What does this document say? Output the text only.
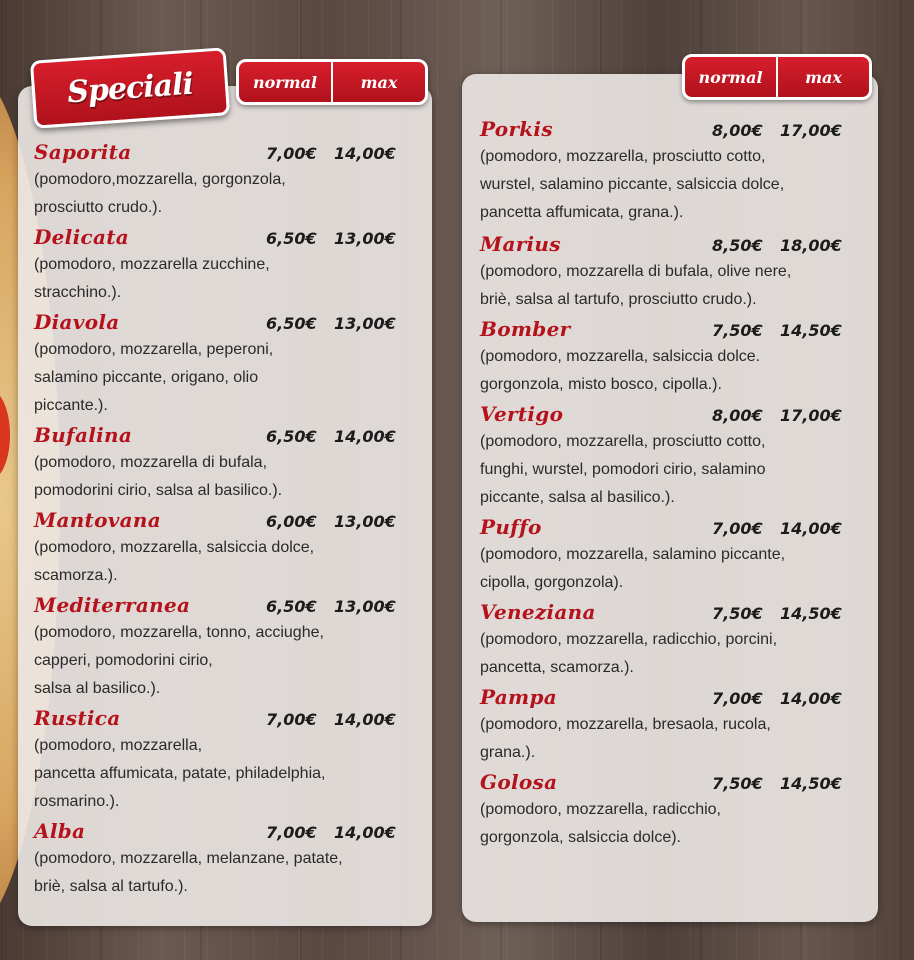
Speciali	normal	max	normal	max
Saporita	7,00€	14,00€
(pomodoro,mozzarella, gorgonzola,
prosciutto crudo.).
Delicata	6,50€	13,00€
(pomodoro, mozzarella zucchine,
stracchino.).
Diavola	6,50€	13,00€
(pomodoro, mozzarella, peperoni,
salamino piccante, origano, olio
piccante.).
Bufalina	6,50€	14,00€
(pomodoro, mozzarella di bufala,
pomodorini cirio, salsa al basilico.).
Mantovana	6,00€	13,00€
(pomodoro, mozzarella, salsiccia dolce,
scamorza.).
Mediterranea	6,50€	13,00€
(pomodoro, mozzarella, tonno, acciughe,
capperi, pomodorini cirio,
salsa al basilico.).
Rustica	7,00€	14,00€
(pomodoro, mozzarella,
pancetta affumicata, patate, philadelphia,
rosmarino.).
Alba	7,00€	14,00€
(pomodoro, mozzarella, melanzane, patate,
briè, salsa al tartufo.).
Porkis	8,00€	17,00€
(pomodoro, mozzarella, prosciutto cotto,
wurstel, salamino piccante, salsiccia dolce,
pancetta affumicata, grana.).
Marius	8,50€	18,00€
(pomodoro, mozzarella di bufala, olive nere,
briè, salsa al tartufo, prosciutto crudo.).
Bomber	7,50€	14,50€
(pomodoro, mozzarella, salsiccia dolce.
gorgonzola, misto bosco, cipolla.).
Vertigo	8,00€	17,00€
(pomodoro, mozzarella, prosciutto cotto,
funghi, wurstel, pomodori cirio, salamino
piccante, salsa al basilico.).
Puffo	7,00€	14,00€
(pomodoro, mozzarella, salamino piccante,
cipolla, gorgonzola).
Veneziana	7,50€	14,50€
(pomodoro, mozzarella, radicchio, porcini,
pancetta, scamorza.).
Pampa	7,00€	14,00€
(pomodoro, mozzarella, bresaola, rucola,
grana.).
Golosa	7,50€	14,50€
(pomodoro, mozzarella, radicchio,
gorgonzola, salsiccia dolce).
